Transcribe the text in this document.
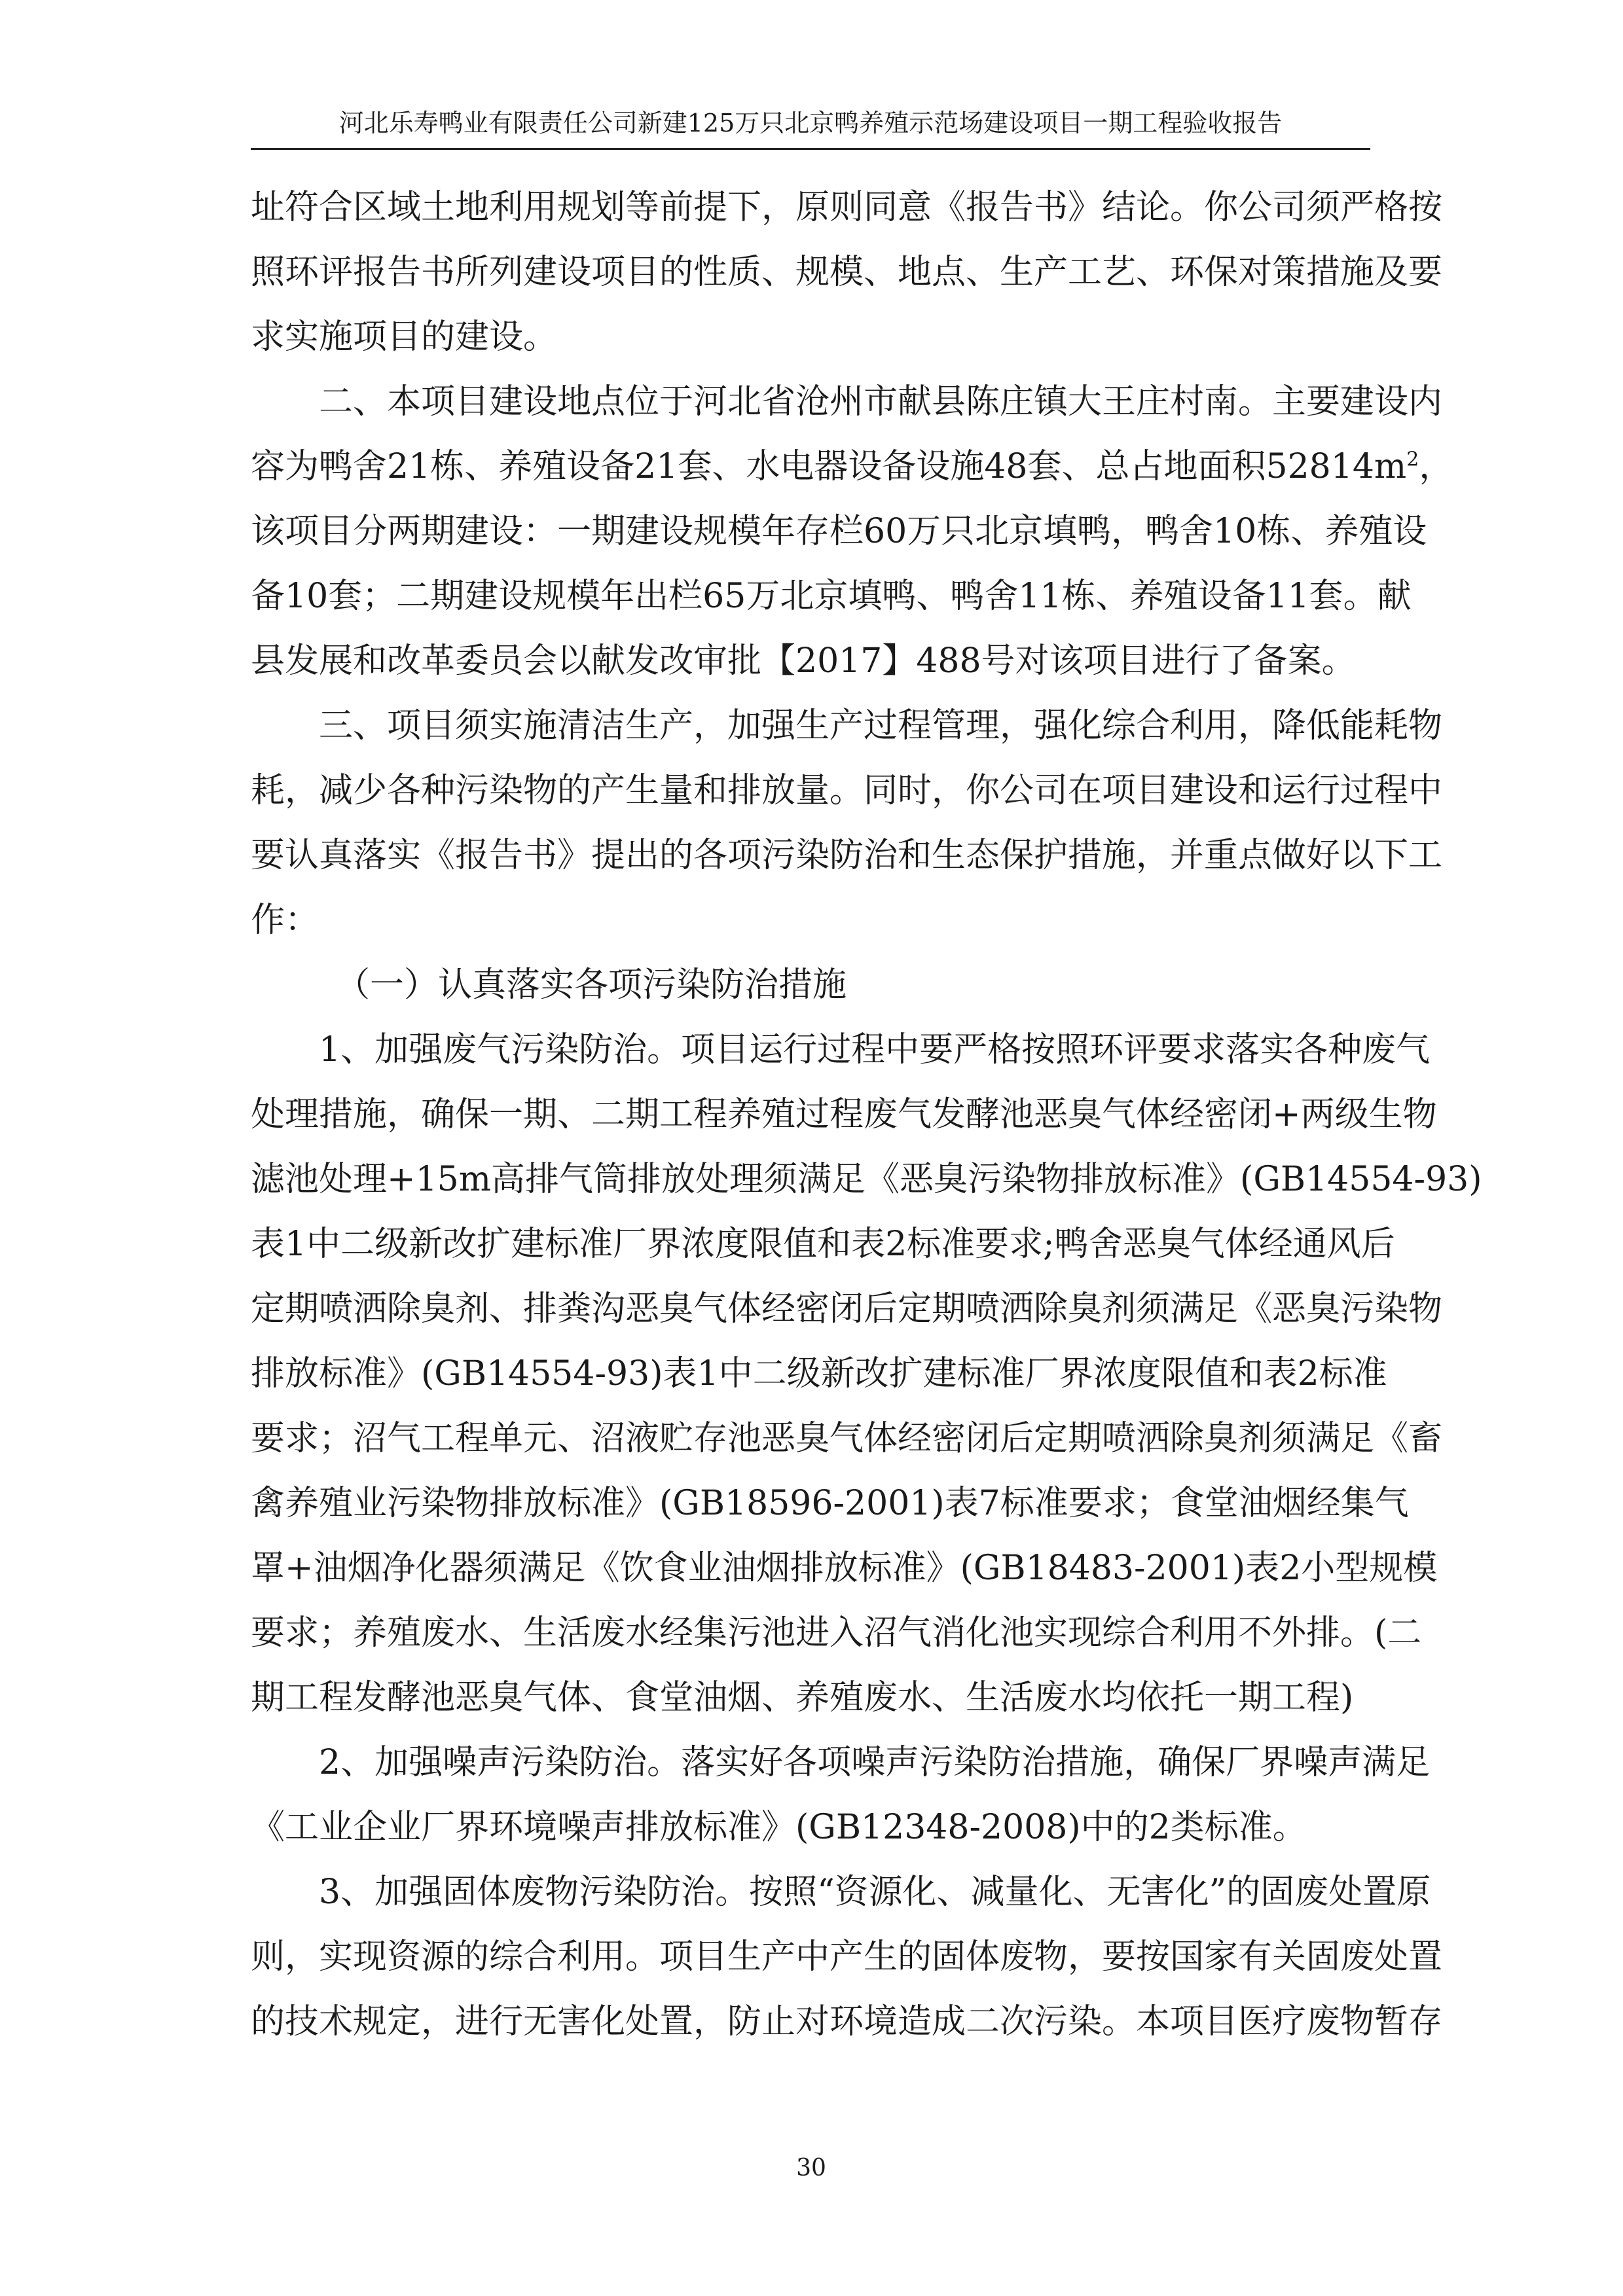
河北乐寿鸭业有限责任公司新建125万只北京鸭养殖示范场建设项目一期工程验收报告
址符合区域土地利用规划等前提下，原则同意《报告书》结论。你公司须严格按
照环评报告书所列建设项目的性质、规模、地点、生产工艺、环保对策措施及要
求实施项目的建设。
二、本项目建设地点位于河北省沧州市献县陈庄镇大王庄村南。主要建设内
容为鸭舍21栋、养殖设备21套、水电器设备设施48套、总占地面积$52814m^2$，
该项目分两期建设：一期建设规模年存栏60万只北京填鸭，鸭舍10栋、养殖设
备10套；二期建设规模年出栏65万北京填鸭、鸭舍11栋、养殖设备11套。献
县发展和改革委员会以献发改审批【2017】488号对该项目进行了备案。
三、项目须实施清洁生产，加强生产过程管理，强化综合利用，降低能耗物
耗，减少各种污染物的产生量和排放量。同时，你公司在项目建设和运行过程中
要认真落实《报告书》提出的各项污染防治和生态保护措施，并重点做好以下工
作：
（一）认真落实各项污染防治措施
1、加强废气污染防治。项目运行过程中要严格按照环评要求落实各种废气
处理措施，确保一期、二期工程养殖过程废气发酵池恶臭气体经密闭+两级生物
滤池处理+15m高排气筒排放处理须满足《恶臭污染物排放标准》(GB14554-93)
表1中二级新改扩建标准厂界浓度限值和表2标准要求;鸭舍恶臭气体经通风后
定期喷洒除臭剂、排粪沟恶臭气体经密闭后定期喷洒除臭剂须满足《恶臭污染物
排放标准》(GB14554-93)表1中二级新改扩建标准厂界浓度限值和表2标准
要求；沼气工程单元、沼液贮存池恶臭气体经密闭后定期喷洒除臭剂须满足《畜
禽养殖业污染物排放标准》(GB18596-2001)表7标准要求；食堂油烟经集气
罩+油烟净化器须满足《饮食业油烟排放标准》(GB18483-2001)表2小型规模
要求；养殖废水、生活废水经集污池进入沼气消化池实现综合利用不外排。(二
期工程发酵池恶臭气体、食堂油烟、养殖废水、生活废水均依托一期工程)
2、加强噪声污染防治。落实好各项噪声污染防治措施，确保厂界噪声满足
《工业企业厂界环境噪声排放标准》(GB12348-2008)中的2类标准。
3、加强固体废物污染防治。按照“资源化、减量化、无害化”的固废处置原
则，实现资源的综合利用。项目生产中产生的固体废物，要按国家有关固废处置
的技术规定，进行无害化处置，防止对环境造成二次污染。本项目医疗废物暂存
30
